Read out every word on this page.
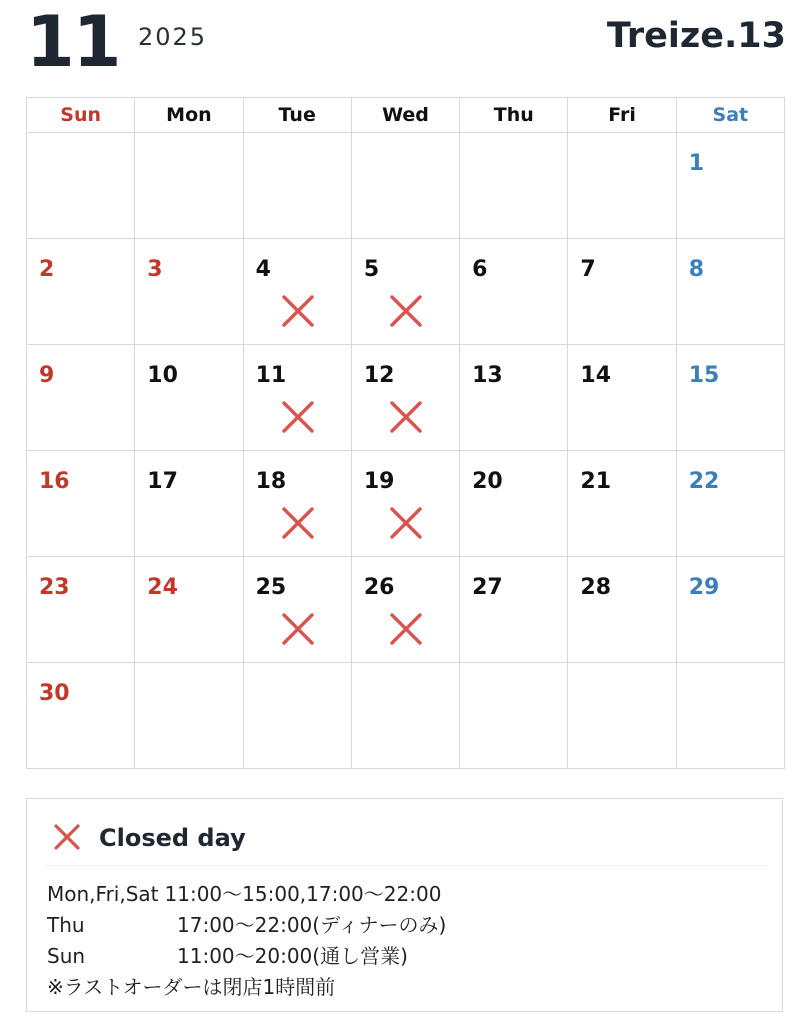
11 2025	Treize.13
Sun	Mon	Tue	Wed	Thu	Fri	Sat

						1

2	3	4	5	6	7	8

9	10	11	12	13	14	15

16	17	18	19	20	21	22

23	24	25	26	27	28	29

30						

Closed day
Mon,Fri,Sat 11:00〜15:00,17:00〜22:00
Thu	17:00〜22:00(ディナーのみ)
Sun	11:00〜20:00(通し営業)
※ラストオーダーは閉店1時間前
